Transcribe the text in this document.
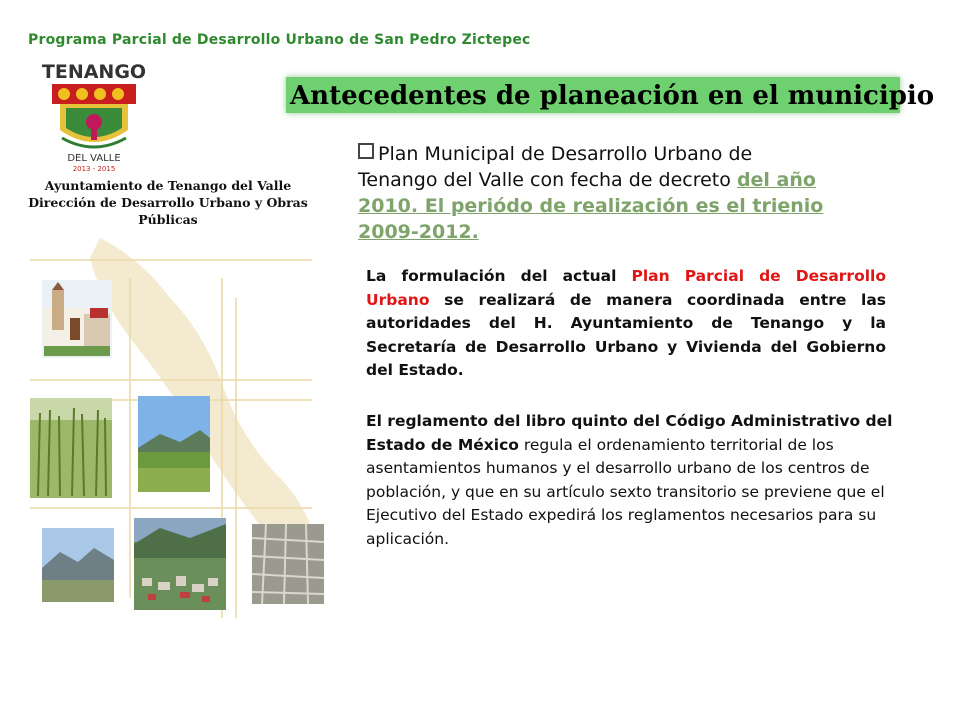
Programa Parcial de Desarrollo Urbano de San Pedro Zictepec
TENANGO
DEL VALLE
2013 - 2015
Ayuntamiento de Tenango del Valle
Dirección de Desarrollo Urbano y Obras
Públicas
Antecedentes de planeación en el municipio
Plan Municipal de Desarrollo Urbano de Tenango del Valle con fecha de decreto del año 2010. El periódo de realización es el trienio 2009-2012.
La formulación del actual Plan Parcial de Desarrollo Urbano se realizará de manera coordinada entre las autoridades del H. Ayuntamiento de Tenango y la Secretaría de Desarrollo Urbano y Vivienda del Gobierno del Estado.
El reglamento del libro quinto del Código Administrativo del Estado de México regula el ordenamiento territorial de los asentamientos humanos y el desarrollo urbano de los centros de población, y que en su artículo sexto transitorio se previene que el Ejecutivo del Estado expedirá los reglamentos necesarios para su aplicación.
